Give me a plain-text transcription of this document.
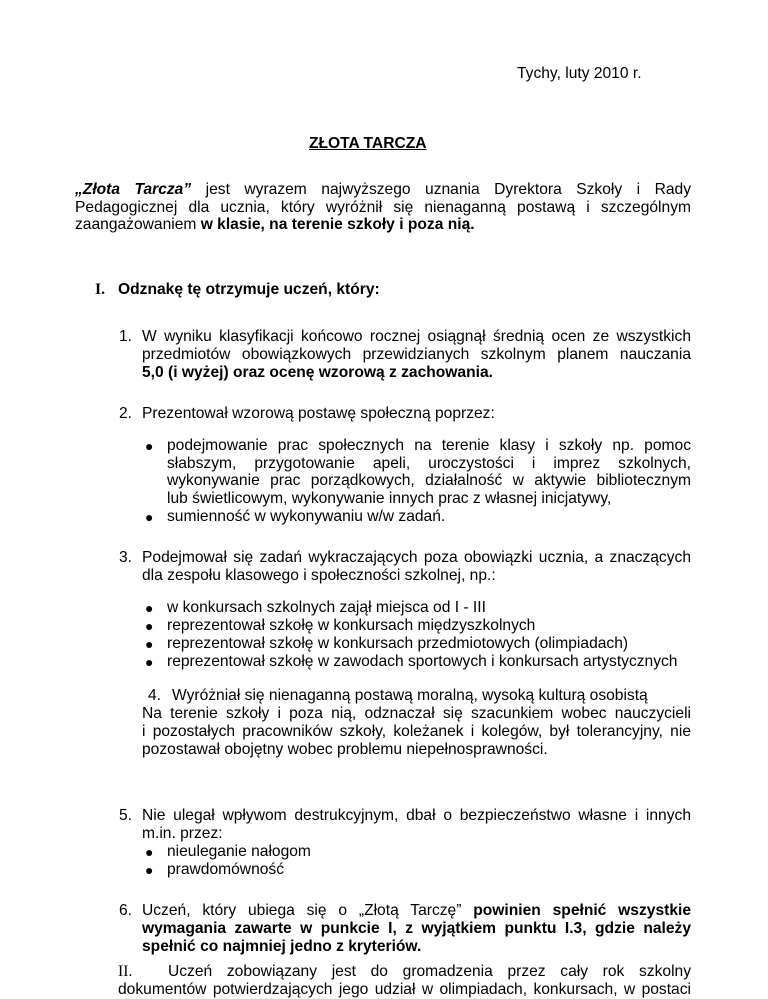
Tychy, luty 2010 r.
ZŁOTA TARCZA

„Złota Tarcza” jest wyrazem najwyższego uznania Dyrektora Szkoły i Rady

Pedagogicznej dla ucznia, który wyróżnił się nienaganną postawą i szczególnym

zaangażowaniem w klasie, na terenie szkoły i poza nią.

I. Odznakę tę otrzymuje uczeń, który:
1. W wyniku klasyfikacji końcowo rocznej osiągnął średnią ocen ze wszystkich

przedmiotów obowiązkowych przewidzianych szkolnym planem nauczania

5,0 (i wyżej) oraz ocenę wzorową z zachowania.

2. Prezentował wzorową postawę społeczną poprzez:

● podejmowanie prac społecznych na terenie klasy i szkoły np. pomoc

słabszym, przygotowanie apeli, uroczystości i imprez szkolnych,

wykonywanie prac porządkowych, działalność w aktywie bibliotecznym

lub świetlicowym, wykonywanie innych prac z własnej inicjatywy,

● sumienność w wykonywaniu w/w zadań.

3. Podejmował się zadań wykraczających poza obowiązki ucznia, a znaczących

dla zespołu klasowego i społeczności szkolnej, np.:

● w konkursach szkolnych zajął miejsca od I - III

● reprezentował szkołę w konkursach międzyszkolnych

● reprezentował szkołę w konkursach przedmiotowych (olimpiadach)

● reprezentował szkołę w zawodach sportowych i konkursach artystycznych

4. Wyróżniał się nienaganną postawą moralną, wysoką kulturą osobistą

Na terenie szkoły i poza nią, odznaczał się szacunkiem wobec nauczycieli

i pozostałych pracowników szkoły, koleżanek i kolegów, był tolerancyjny, nie

pozostawał obojętny wobec problemu niepełnosprawności.

5. Nie ulegał wpływom destrukcyjnym, dbał o bezpieczeństwo własne i innych

m.in. przez:

● nieuleganie nałogom

● prawdomówność

6. Uczeń, który ubiega się o „Złotą Tarczę” powinien spełnić wszystkie

wymagania zawarte w punkcie I, z wyjątkiem punktu I.3, gdzie należy

spełnić co najmniej jedno z kryteriów.

II. Uczeń zobowiązany jest do gromadzenia przez cały rok szkolny

dokumentów potwierdzających jego udział w olimpiadach, konkursach, w postaci
